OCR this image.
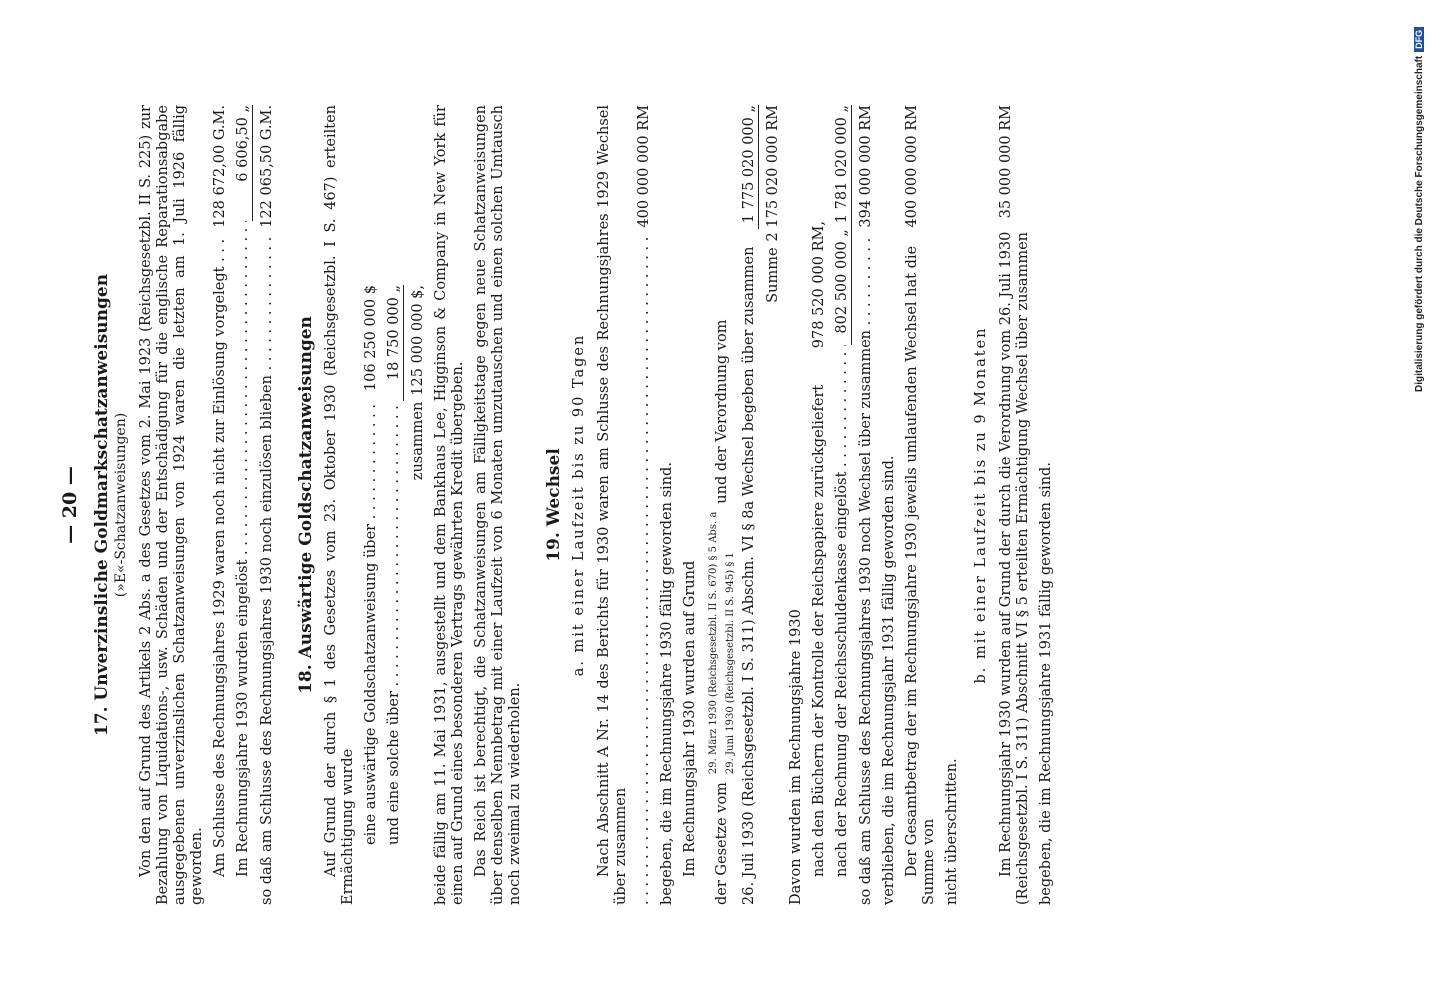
— 20 — 17. Unverzinsliche Goldmarkschatzanweisungen (»E«-Schatzanweisungen) Von den auf Grund des Artikels 2 Abs. a des Gesetzes vom 2. Mai 1923 (Reichsgesetzbl. II S. 225) zur Bezahlung von Liquidations-, usw. Schäden und der Entschädigung für die englische Reparationsabgabe ausgegebenen unverzinslichen Schatzanweisungen von 1924 waren die letzten am 1. Juli 1926 fällig geworden. Am Schlusse des Rechnungsjahres 1929 waren noch nicht zur Einlösung vorgelegt . . .
128 672,00 G.M.
Im Rechnungsjahre 1930 wurden eingelöst . . .
6 606,50 „
so daß am Schlusse des Rechnungsjahres 1930 noch einzulösen blieben . . .
122 065,50 G.M.
18. Auswärtige Goldschatzanweisungen Auf Grund der durch § 1 des Gesetzes vom 23. Oktober 1930 (Reichsgesetzbl. I S. 467) erteilten Ermächtigung wurde eine auswärtige Goldschatzanweisung über . . .
106 250 000 $
und eine solche über . . .
18 750 000 „
zusammen
125 000 000 $, beide fällig am 11. Mai 1931, ausgestellt und dem Bankhaus Lee, Higginson & Company in New York für einen auf Grund eines besonderen Vertrags gewährten Kredit übergeben. Das Reich ist berechtigt, die Schatzanweisungen am Fälligkeitstage gegen neue Schatzanweisungen über denselben Nennbetrag mit einer Laufzeit von 6 Monaten umzutauschen und einen solchen Umtausch noch zweimal zu wiederholen.

19. Wechsel a. mit einer Laufzeit bis zu 90 Tagen Nach Abschnitt A Nr. 14 des Berichts für 1930 waren am Schlusse des Rechnungsjahres 1929 Wechsel über zusammen

. . .
400 000 000 RM

begeben, die im Rechnungsjahre 1930 fällig geworden sind. Im Rechnungsjahr 1930 wurden auf Grund der Gesetze vom
29. März 1930 (Reichsgesetzbl. II S. 670) § 5 Abs. a 29. Juni 1930 (Reichsgesetzbl. II S. 945) § 1
und der Verordnung vom 26. Juli 1930 (Reichsgesetzbl. I S. 311) Abschn. VI § 8a Wechsel begeben über zusammen
1 775 020 000 „
Summe
2 175 020 000 RM

Davon wurden im Rechnungsjahre 1930 nach den Büchern der Kontrolle der Reichspapiere zurückgeliefert
978 520 000 RM,
nach der Rechnung der Reichsschuldenkasse eingelöst . . .
802 500 000 „
1 781 020 000 „
so daß am Schlusse des Rechnungsjahres 1930 noch Wechsel über zusammen . . .
394 000 000 RM

verblieben, die im Rechnungsjahr 1931 fällig geworden sind. Der Gesamtbetrag der im Rechnungsjahre 1930 jeweils umlaufenden Wechsel hat die Summe von
400 000 000 RM

nicht überschritten.

b. mit einer Laufzeit bis zu 9 Monaten Im Rechnungsjahr 1930 wurden auf Grund der durch die Verordnung vom 26. Juli 1930 (Reichsgesetzbl. I S. 311) Abschnitt VI § 5 erteilten Ermächtigung Wechsel über zusammen
35 000 000 RM

begeben, die im Rechnungsjahre 1931 fällig geworden sind.

Digitalisierung gefördert durch die Deutsche Forschungsgemeinschaft
DFG
